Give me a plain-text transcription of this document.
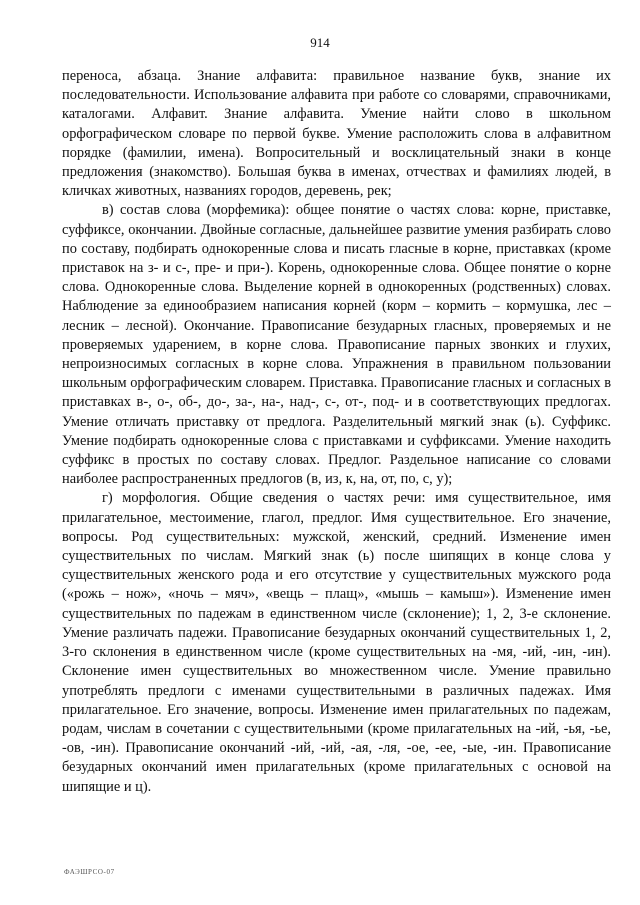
914

переноса, абзаца. Знание алфавита: правильное название букв, знание их последовательности. Использование алфавита при работе со словарями, справочниками, каталогами. Алфавит. Знание алфавита. Умение найти слово в школьном орфографическом словаре по первой букве. Умение расположить слова в алфавитном порядке (фамилии, имена). Вопросительный и восклицательный знаки в конце предложения (знакомство). Большая буква в именах, отчествах и фамилиях людей, в кличках животных, названиях городов, деревень, рек;

в) состав слова (морфемика): общее понятие о частях слова: корне, приставке, суффиксе, окончании. Двойные согласные, дальнейшее развитие умения разбирать слово по составу, подбирать однокоренные слова и писать гласные в корне, приставках (кроме приставок на з- и с-, пре- и при-). Корень, однокоренные слова. Общее понятие о корне слова. Однокоренные слова. Выделение корней в однокоренных (родственных) словах. Наблюдение за единообразием написания корней (корм – кормить – кормушка, лес – лесник – лесной). Окончание. Правописание безударных гласных, проверяемых и не проверяемых ударением, в корне слова. Правописание парных звонких и глухих, непроизносимых согласных в корне слова. Упражнения в правильном пользовании школьным орфографическим словарем. Приставка. Правописание гласных и согласных в приставках в-, о-, об-, до-, за-, на-, над-, с-, от-, под- и в соответствующих предлогах. Умение отличать приставку от предлога. Разделительный мягкий знак (ь). Суффикс. Умение подбирать однокоренные слова с приставками и суффиксами. Умение находить суффикс в простых по составу словах. Предлог. Раздельное написание со словами наиболее распространенных предлогов (в, из, к, на, от, по, с, у);

г) морфология. Общие сведения о частях речи: имя существительное, имя прилагательное, местоимение, глагол, предлог. Имя существительное. Его значение, вопросы. Род существительных: мужской, женский, средний. Изменение имен существительных по числам. Мягкий знак (ь) после шипящих в конце слова у существительных женского рода и его отсутствие у существительных мужского рода («рожь – нож», «ночь – мяч», «вещь – плащ», «мышь – камыш»). Изменение имен существительных по падежам в единственном числе (склонение); 1, 2, 3-е склонение. Умение различать падежи. Правописание безударных окончаний существительных 1, 2, 3-го склонения в единственном числе (кроме существительных на -мя, -ий, -ин, -ин). Склонение имен существительных во множественном числе. Умение правильно употреблять предлоги с именами существительными в различных падежах. Имя прилагательное. Его значение, вопросы. Изменение имен прилагательных по падежам, родам, числам в сочетании с существительными (кроме прилагательных на -ий, -ья, -ье, -ов, -ин). Правописание окончаний -ий, -ий, -ая, -ля, -ое, -ее, -ые, -ин. Правописание безударных окончаний имен прилагательных (кроме прилагательных с основой на шипящие и ц).

ФАЭШРСО-07
